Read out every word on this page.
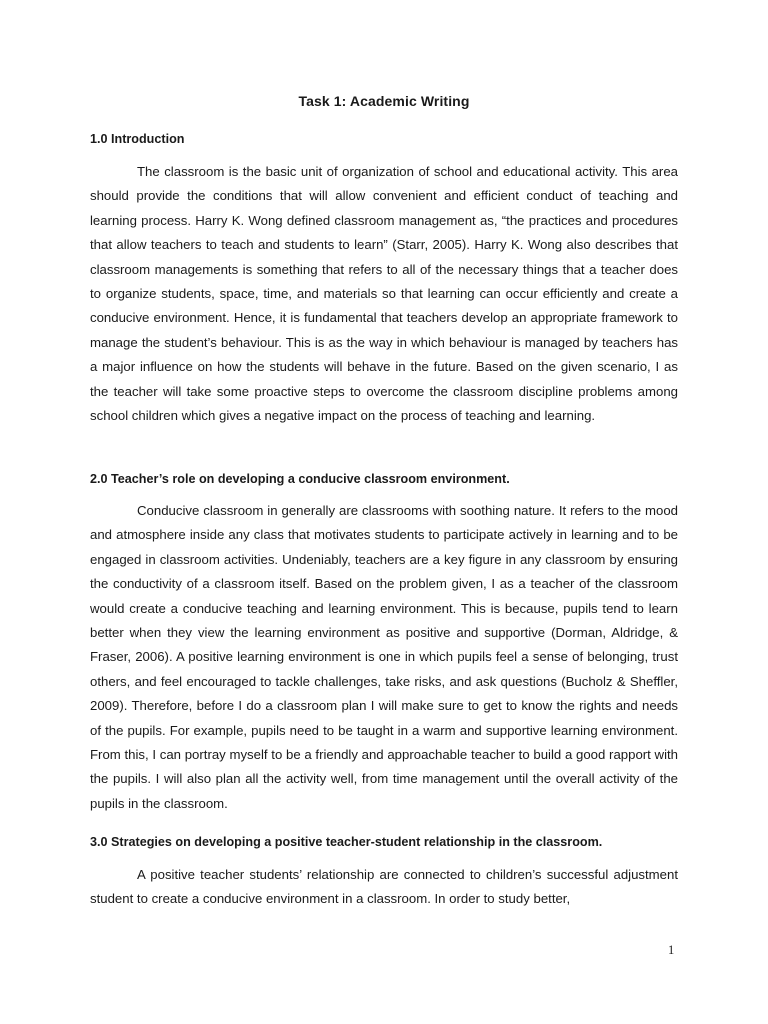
Task 1: Academic Writing
1.0 Introduction
The classroom is the basic unit of organization of school and educational activity. This area should provide the conditions that will allow convenient and efficient conduct of teaching and learning process. Harry K. Wong defined classroom management as, “the practices and procedures that allow teachers to teach and students to learn” (Starr, 2005). Harry K. Wong also describes that classroom managements is something that refers to all of the necessary things that a teacher does to organize students, space, time, and materials so that learning can occur efficiently and create a conducive environment. Hence, it is fundamental that teachers develop an appropriate framework to manage the student’s behaviour. This is as the way in which behaviour is managed by teachers has a major influence on how the students will behave in the future. Based on the given scenario, I as the teacher will take some proactive steps to overcome the classroom discipline problems among school children which gives a negative impact on the process of teaching and learning.
2.0 Teacher’s role on developing a conducive classroom environment.
Conducive classroom in generally are classrooms with soothing nature. It refers to the mood and atmosphere inside any class that motivates students to participate actively in learning and to be engaged in classroom activities. Undeniably, teachers are a key figure in any classroom by ensuring the conductivity of a classroom itself. Based on the problem given, I as a teacher of the classroom would create a conducive teaching and learning environment. This is because, pupils tend to learn better when they view the learning environment as positive and supportive (Dorman, Aldridge, & Fraser, 2006). A positive learning environment is one in which pupils feel a sense of belonging, trust others, and feel encouraged to tackle challenges, take risks, and ask questions (Bucholz & Sheffler, 2009). Therefore, before I do a classroom plan I will make sure to get to know the rights and needs of the pupils. For example, pupils need to be taught in a warm and supportive learning environment. From this, I can portray myself to be a friendly and approachable teacher to build a good rapport with the pupils. I will also plan all the activity well, from time management until the overall activity of the pupils in the classroom.
3.0 Strategies on developing a positive teacher-student relationship in the classroom.
A positive teacher students’ relationship are connected to children’s successful adjustment student to create a conducive environment in a classroom. In order to study better,
1
